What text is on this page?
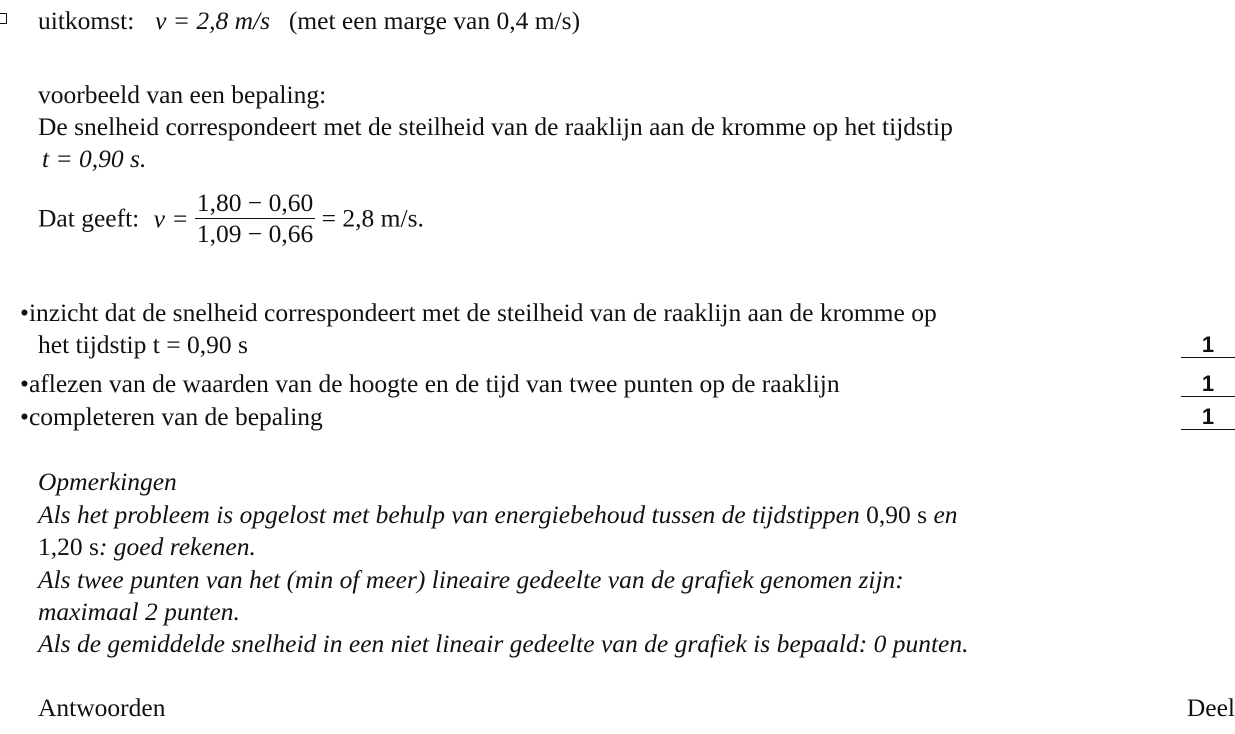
uitkomst: v = 2,8 m/s (met een marge van 0,4 m/s)
voorbeeld van een bepaling:
De snelheid correspondeert met de steilheid van de raaklijn aan de kromme op het tijdstip
t = 0,90 s.
Dat geeft: $v = \frac{1,80 - 0,60}{1,09 - 0,66} = 2,8$ m/s.
•inzicht dat de snelheid correspondeert met de steilheid van de raaklijn aan de kromme op
het tijdstip t = 0,90 s	1
•aflezen van de waarden van de hoogte en de tijd van twee punten op de raaklijn	1
•completeren van de bepaling	1
Opmerkingen
Als het probleem is opgelost met behulp van energiebehoud tussen de tijdstippen 0,90 s en
1,20 s: goed rekenen.
Als twee punten van het (min of meer) lineaire gedeelte van de grafiek genomen zijn:
maximaal 2 punten.
Als de gemiddelde snelheid in een niet lineair gedeelte van de grafiek is bepaald: 0 punten.
Antwoorden	Deel
